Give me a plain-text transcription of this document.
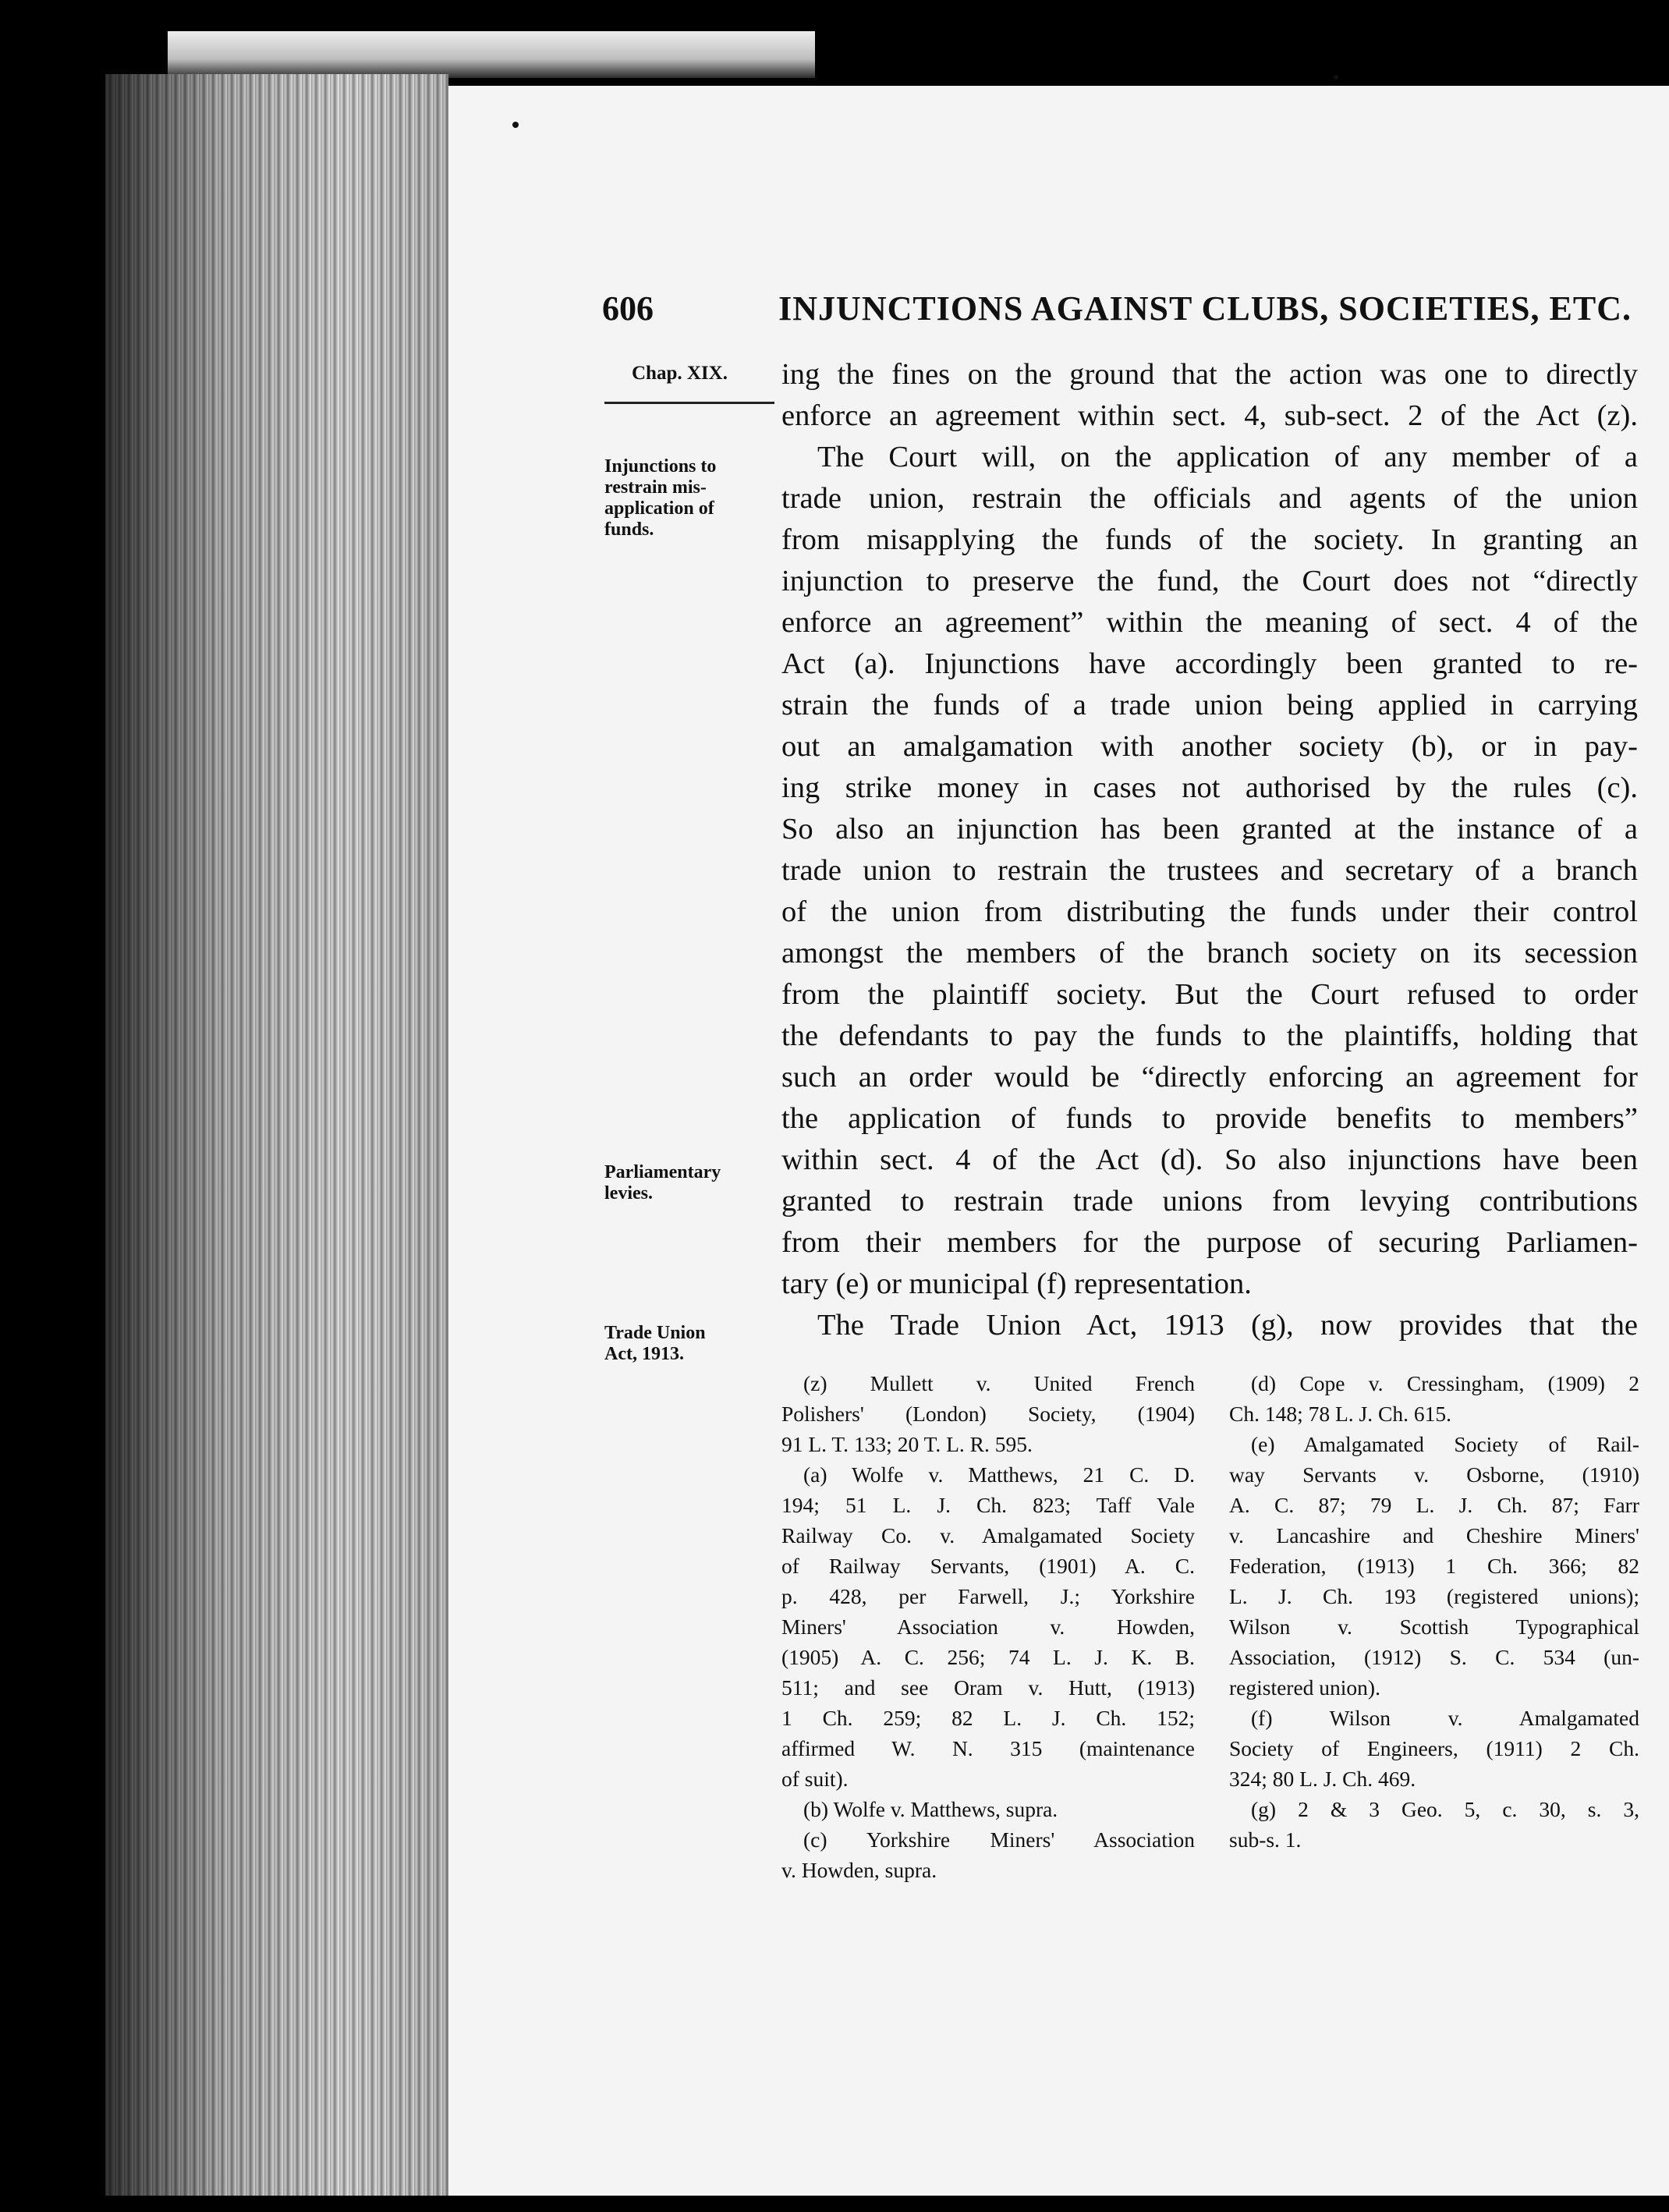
606	INJUNCTIONS AGAINST CLUBS, SOCIETIES, ETC.
Chap. XIX.
Injunctions to
restrain mis-
application of
funds.
Parliamentary
levies.
Trade Union
Act, 1913.
ing the fines on the ground that the action was one to directly
enforce an agreement within sect. 4, sub-sect. 2 of the Act (z).
The Court will, on the application of any member of a
trade union, restrain the officials and agents of the union
from misapplying the funds of the society. In granting an
injunction to preserve the fund, the Court does not “directly
enforce an agreement” within the meaning of sect. 4 of the
Act (a). Injunctions have accordingly been granted to re-
strain the funds of a trade union being applied in carrying
out an amalgamation with another society (b), or in pay-
ing strike money in cases not authorised by the rules (c).
So also an injunction has been granted at the instance of a
trade union to restrain the trustees and secretary of a branch
of the union from distributing the funds under their control
amongst the members of the branch society on its secession
from the plaintiff society. But the Court refused to order
the defendants to pay the funds to the plaintiffs, holding that
such an order would be “directly enforcing an agreement for
the application of funds to provide benefits to members”
within sect. 4 of the Act (d). So also injunctions have been
granted to restrain trade unions from levying contributions
from their members for the purpose of securing Parliamen-
tary (e) or municipal (f) representation.
The Trade Union Act, 1913 (g), now provides that the
(z) Mullett v. United French
Polishers' (London) Society, (1904)
91 L. T. 133; 20 T. L. R. 595.
(a) Wolfe v. Matthews, 21 C. D.
194; 51 L. J. Ch. 823; Taff Vale
Railway Co. v. Amalgamated Society
of Railway Servants, (1901) A. C.
p. 428, per Farwell, J.; Yorkshire
Miners' Association v. Howden,
(1905) A. C. 256; 74 L. J. K. B.
511; and see Oram v. Hutt, (1913)
1 Ch. 259; 82 L. J. Ch. 152;
affirmed W. N. 315 (maintenance
of suit).
(b) Wolfe v. Matthews, supra.
(c) Yorkshire Miners' Association
v. Howden, supra.
(d) Cope v. Cressingham, (1909) 2
Ch. 148; 78 L. J. Ch. 615.
(e) Amalgamated Society of Rail-
way Servants v. Osborne, (1910)
A. C. 87; 79 L. J. Ch. 87; Farr
v. Lancashire and Cheshire Miners'
Federation, (1913) 1 Ch. 366; 82
L. J. Ch. 193 (registered unions);
Wilson v. Scottish Typographical
Association, (1912) S. C. 534 (un-
registered union).
(f) Wilson v. Amalgamated
Society of Engineers, (1911) 2 Ch.
324; 80 L. J. Ch. 469.
(g) 2 & 3 Geo. 5, c. 30, s. 3,
sub-s. 1.
